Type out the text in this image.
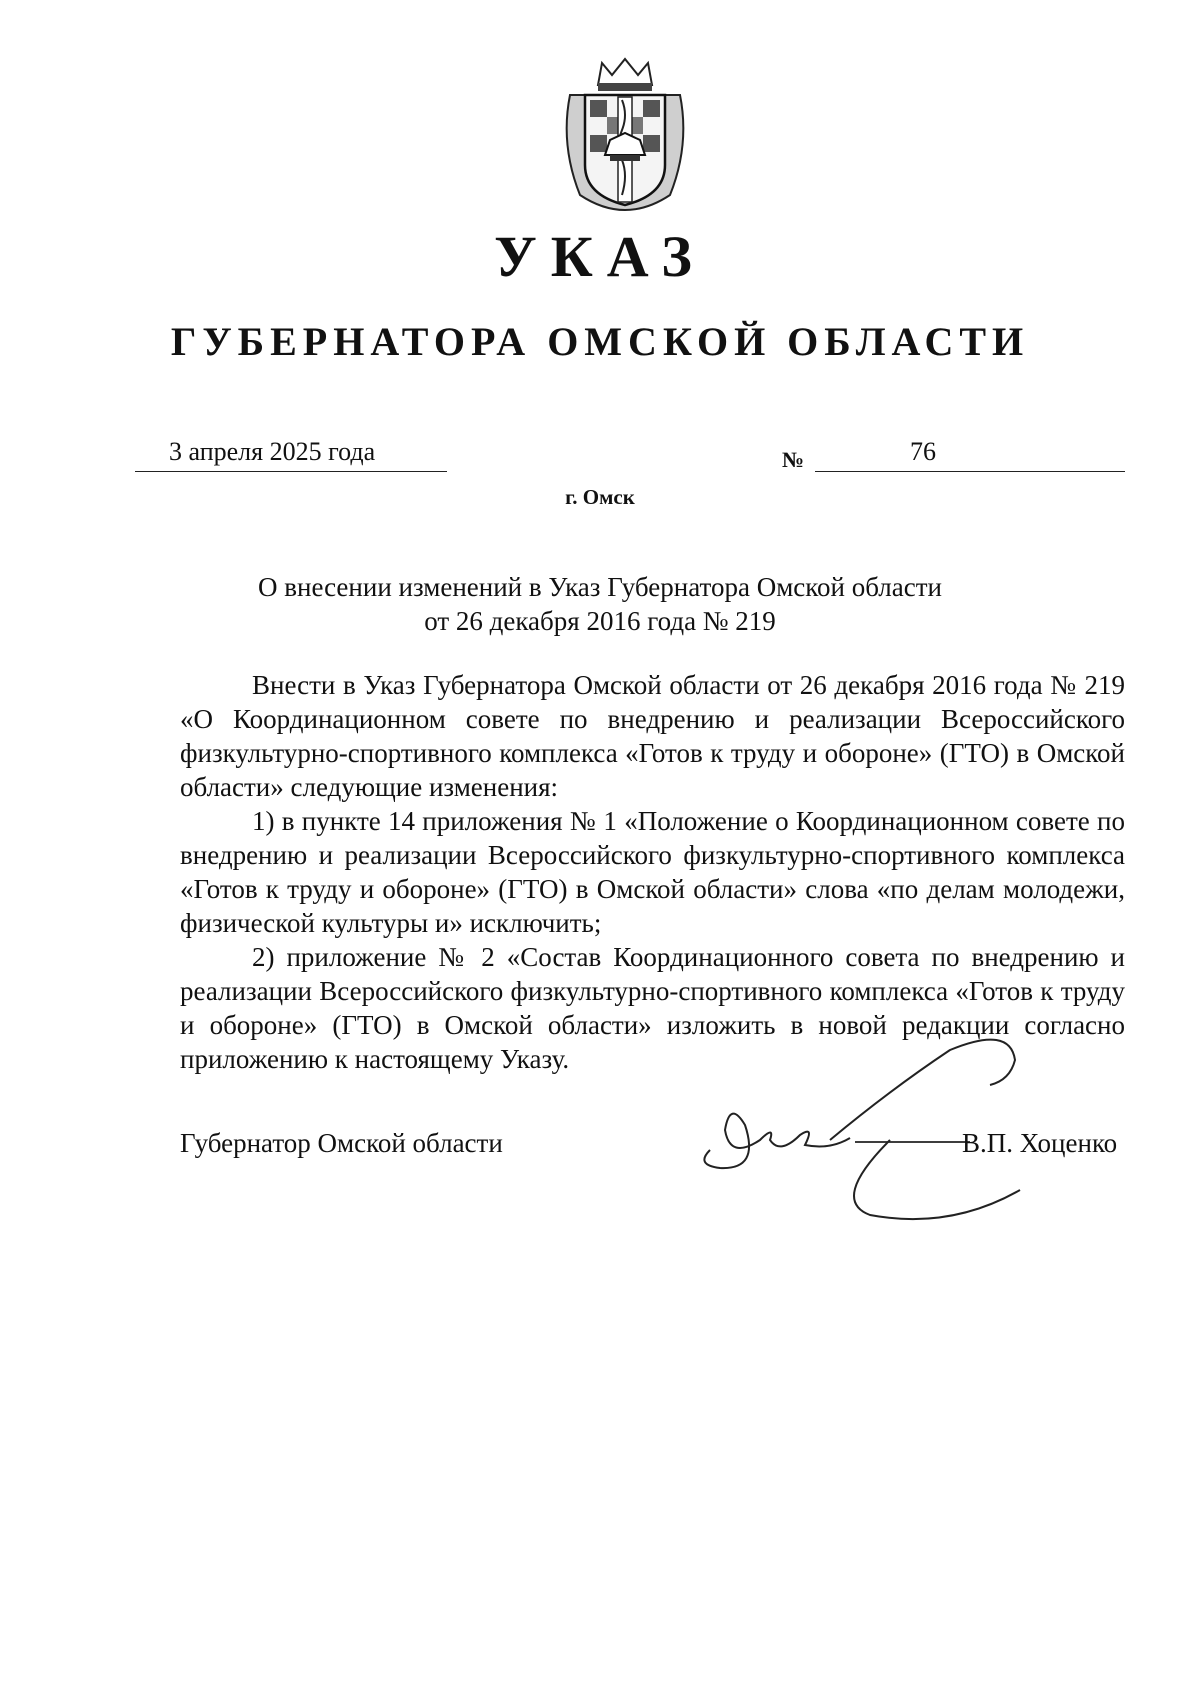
УКАЗ
ГУБЕРНАТОРА ОМСКОЙ ОБЛАСТИ
3 апреля 2025 года	№	76
г. Омск
О внесении изменений в Указ Губернатора Омской области
от 26 декабря 2016 года № 219

Внести в Указ Губернатора Омской области от 26 декабря 2016 года № 219 «О Координационном совете по внедрению и реализации Всероссийского физкультурно-спортивного комплекса «Готов к труду и обороне» (ГТО) в Омской области» следующие изменения:

1) в пункте 14 приложения № 1 «Положение о Координационном совете по внедрению и реализации Всероссийского физкультурно-спортивного комплекса «Готов к труду и обороне» (ГТО) в Омской области» слова «по делам молодежи, физической культуры и» исключить;

2) приложение № 2 «Состав Координационного совета по внедрению и реализации Всероссийского физкультурно-спортивного комплекса «Готов к труду и обороне» (ГТО) в Омской области» изложить в новой редакции согласно приложению к настоящему Указу.

Губернатор Омской области	В.П. Хоценко
